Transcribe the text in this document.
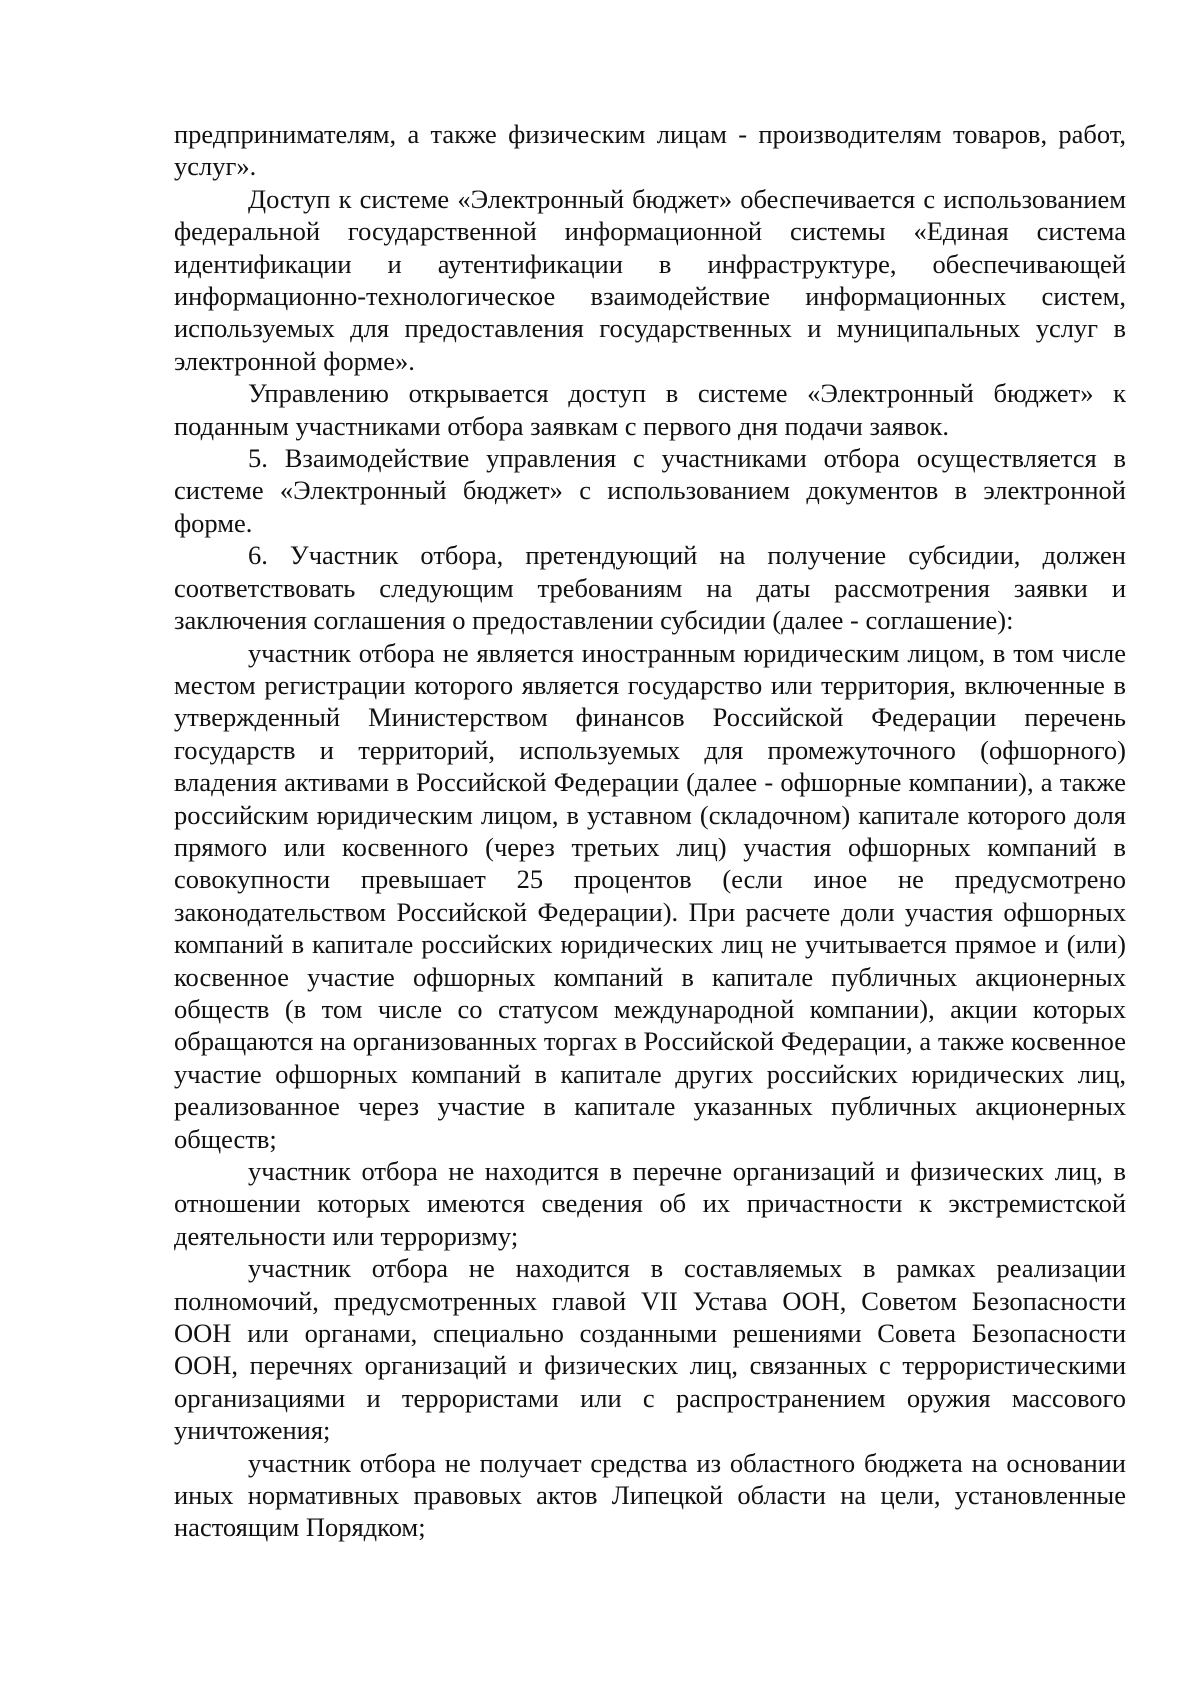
предпринимателям, а также физическим лицам - производителям товаров, работ, услуг».

Доступ к системе «Электронный бюджет» обеспечивается с использованием федеральной государственной информационной системы «Единая система идентификации и аутентификации в инфраструктуре, обеспечивающей информационно-технологическое взаимодействие информационных систем, используемых для предоставления государственных и муниципальных услуг в электронной форме».

Управлению открывается доступ в системе «Электронный бюджет» к поданным участниками отбора заявкам с первого дня подачи заявок.

5. Взаимодействие управления с участниками отбора осуществляется в системе «Электронный бюджет» с использованием документов в электронной форме.

6. Участник отбора, претендующий на получение субсидии, должен соответствовать следующим требованиям на даты рассмотрения заявки и заключения соглашения о предоставлении субсидии (далее - соглашение):

участник отбора не является иностранным юридическим лицом, в том числе местом регистрации которого является государство или территория, включенные в утвержденный Министерством финансов Российской Федерации перечень государств и территорий, используемых для промежуточного (офшорного) владения активами в Российской Федерации (далее - офшорные компании), а также российским юридическим лицом, в уставном (складочном) капитале которого доля прямого или косвенного (через третьих лиц) участия офшорных компаний в совокупности превышает 25 процентов (если иное не предусмотрено законодательством Российской Федерации). При расчете доли участия офшорных компаний в капитале российских юридических лиц не учитывается прямое и (или) косвенное участие офшорных компаний в капитале публичных акционерных обществ (в том числе со статусом международной компании), акции которых обращаются на организованных торгах в Российской Федерации, а также косвенное участие офшорных компаний в капитале других российских юридических лиц, реализованное через участие в капитале указанных публичных акционерных обществ;

участник отбора не находится в перечне организаций и физических лиц, в отношении которых имеются сведения об их причастности к экстремистской деятельности или терроризму;

участник отбора не находится в составляемых в рамках реализации полномочий, предусмотренных главой VII Устава ООН, Советом Безопасности ООН или органами, специально созданными решениями Совета Безопасности ООН, перечнях организаций и физических лиц, связанных с террористическими организациями и террористами или с распространением оружия массового уничтожения;

участник отбора не получает средства из областного бюджета на основании иных нормативных правовых актов Липецкой области на цели, установленные настоящим Порядком;
